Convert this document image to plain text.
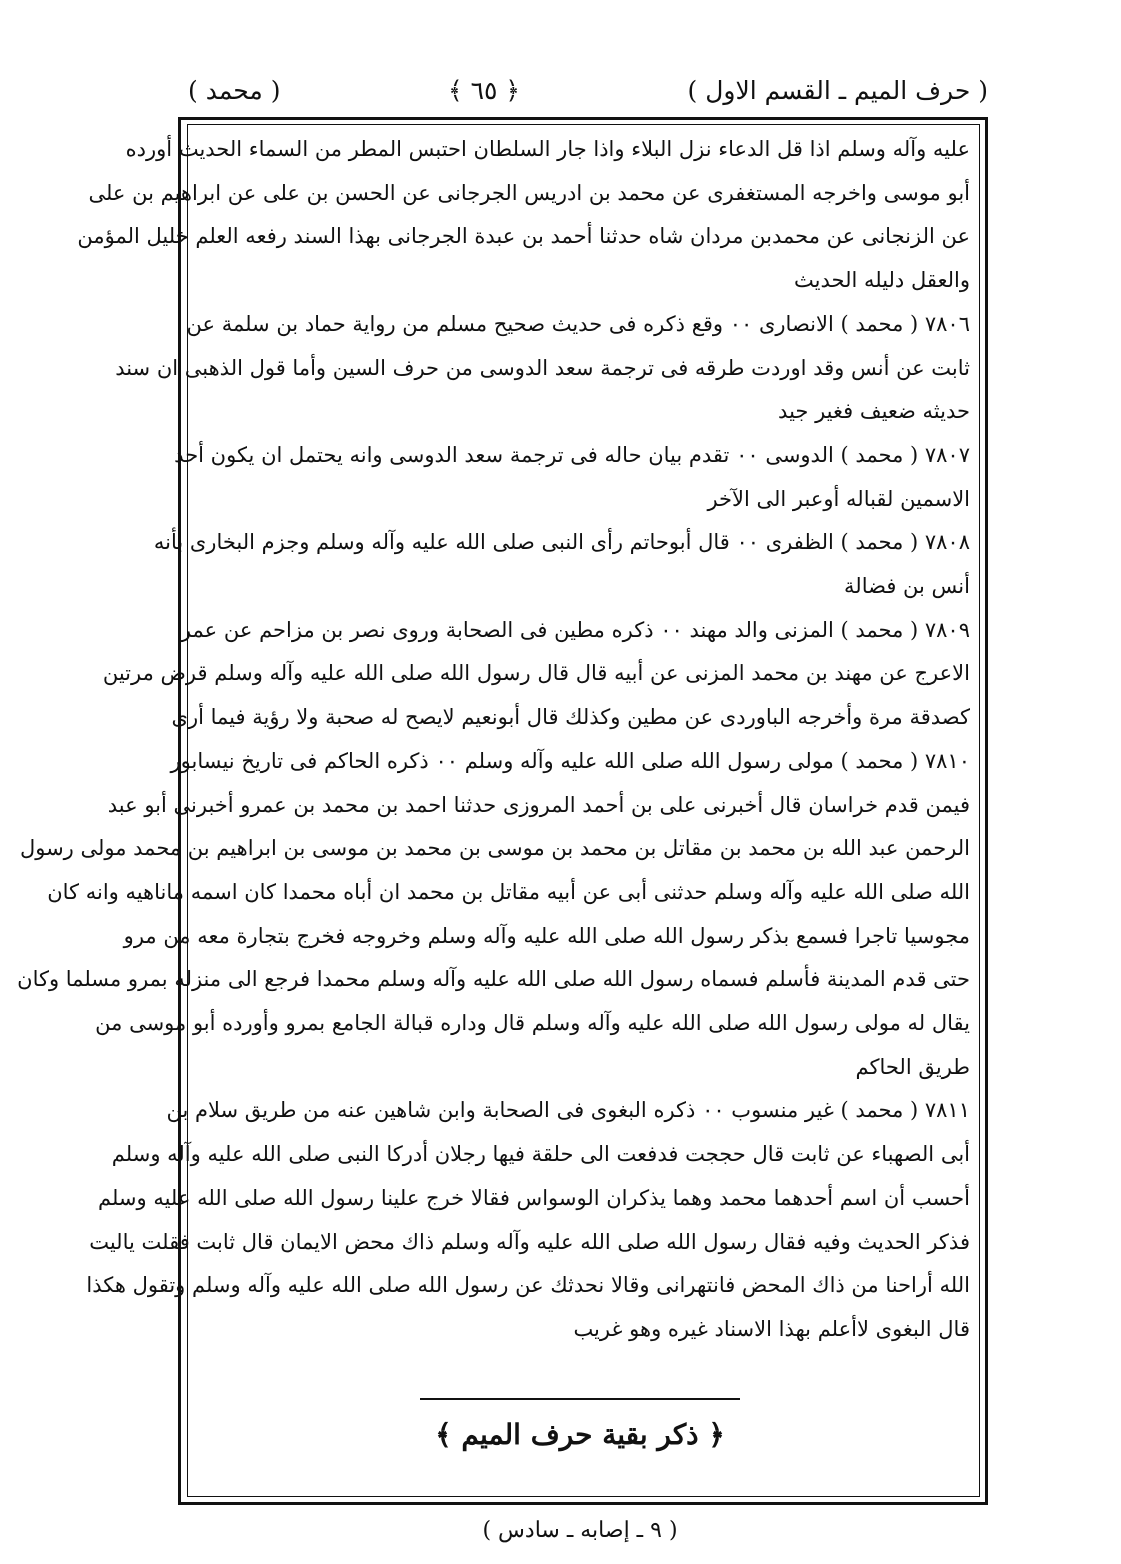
( حرف الميم ـ القسم الاول )
﴿ ٦٥ ﴾
( محمد )

عليه وآله وسلم اذا قل الدعاء نزل البلاء واذا جار السلطان احتبس المطر من السماء الحديث أورده

أبو موسى واخرجه المستغفرى عن محمد بن ادريس الجرجانى عن الحسن بن على عن ابراهيم بن على

عن الزنجانى عن محمدبن مردان شاه حدثنا أحمد بن عبدة الجرجانى بهذا السند رفعه العلم خليل المؤمن

والعقل دليله الحديث

٧٨٠٦ ( محمد ) الانصارى ٠٠ وقع ذكره فى حديث صحيح مسلم من رواية حماد بن سلمة عن

ثابت عن أنس وقد اوردت طرقه فى ترجمة سعد الدوسى من حرف السين وأما قول الذهبى ان سند

حديثه ضعيف فغير جيد

٧٨٠٧ ( محمد ) الدوسى ٠٠ تقدم بيان حاله فى ترجمة سعد الدوسى وانه يحتمل ان يكون أحد

الاسمين لقباله أوعبر الى الآخر

٧٨٠٨ ( محمد ) الظفرى ٠٠ قال أبوحاتم رأى النبى صلى الله عليه وآله وسلم وجزم البخارى بأنه

أنس بن فضالة

٧٨٠٩ ( محمد ) المزنى والد مهند ٠٠ ذكره مطين فى الصحابة وروى نصر بن مزاحم عن عمر

الاعرج عن مهند بن محمد المزنى عن أبيه قال قال رسول الله صلى الله عليه وآله وسلم قرض مرتين

كصدقة مرة وأخرجه الباوردى عن مطين وكذلك قال أبونعيم لايصح له صحبة ولا رؤية فيما أرى

٧٨١٠ ( محمد ) مولى رسول الله صلى الله عليه وآله وسلم ٠٠ ذكره الحاكم فى تاريخ نيسابور

فيمن قدم خراسان قال أخبرنى على بن أحمد المروزى حدثنا احمد بن محمد بن عمرو أخبرنى أبو عبد

الرحمن عبد الله بن محمد بن مقاتل بن محمد بن موسى بن محمد بن موسى بن ابراهيم بن محمد مولى رسول

الله صلى الله عليه وآله وسلم حدثنى أبى عن أبيه مقاتل بن محمد ان أباه محمدا كان اسمه ماناهيه وانه كان

مجوسيا تاجرا فسمع بذكر رسول الله صلى الله عليه وآله وسلم وخروجه فخرج بتجارة معه من مرو

حتى قدم المدينة فأسلم فسماه رسول الله صلى الله عليه وآله وسلم محمدا فرجع الى منزله بمرو مسلما وكان

يقال له مولى رسول الله صلى الله عليه وآله وسلم قال وداره قبالة الجامع بمرو وأورده أبو موسى من

طريق الحاكم

٧٨١١ ( محمد ) غير منسوب ٠٠ ذكره البغوى فى الصحابة وابن شاهين عنه من طريق سلام بن

أبى الصهباء عن ثابت قال حججت فدفعت الى حلقة فيها رجلان أدركا النبى صلى الله عليه وآله وسلم

أحسب أن اسم أحدهما محمد وهما يذكران الوسواس فقالا خرج علينا رسول الله صلى الله عليه وسلم

فذكر الحديث وفيه فقال رسول الله صلى الله عليه وآله وسلم ذاك محض الايمان قال ثابت فقلت ياليت

الله أراحنا من ذاك المحض فانتهرانى وقالا نحدثك عن رسول الله صلى الله عليه وآله وسلم وتقول هكذا

قال البغوى لاأعلم بهذا الاسناد غيره وهو غريب

﴿ ذكر بقية حرف الميم ﴾
( ٩ ـ إصابه ـ سادس )
